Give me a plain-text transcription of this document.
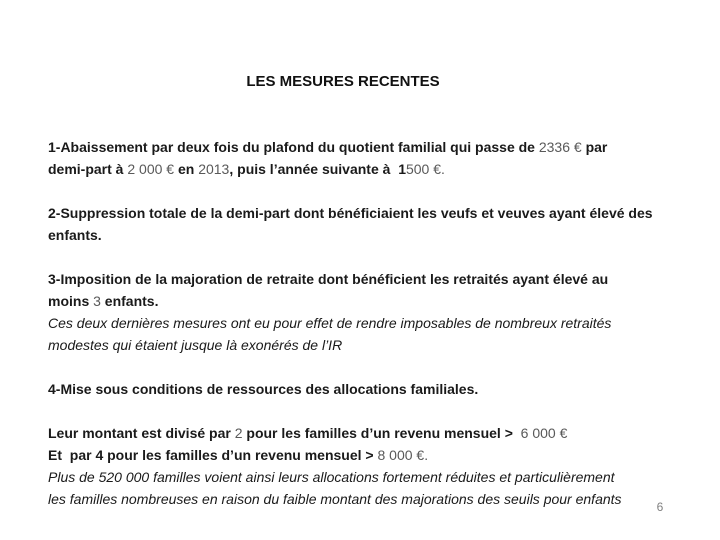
LES MESURES RECENTES
1-Abaissement par deux fois du plafond du quotient familial qui passe de 2336 € par
demi-part à 2 000 € en 2013, puis l’année suivante à  1500 €.
2-Suppression totale de la demi-part dont bénéficiaient les veufs et veuves ayant élevé des
enfants.
3-Imposition de la majoration de retraite dont bénéficient les retraités ayant élevé au
moins 3 enfants.
Ces deux dernières mesures ont eu pour effet de rendre imposables de nombreux retraités
modestes qui étaient jusque là exonérés de l’IR
4-Mise sous conditions de ressources des allocations familiales.
Leur montant est divisé par 2 pour les familles d’un revenu mensuel >  6 000 €
Et  par 4 pour les familles d’un revenu mensuel > 8 000 €.
Plus de 520 000 familles voient ainsi leurs allocations fortement réduites et particulièrement
les familles nombreuses en raison du faible montant des majorations des seuils pour enfants	6
